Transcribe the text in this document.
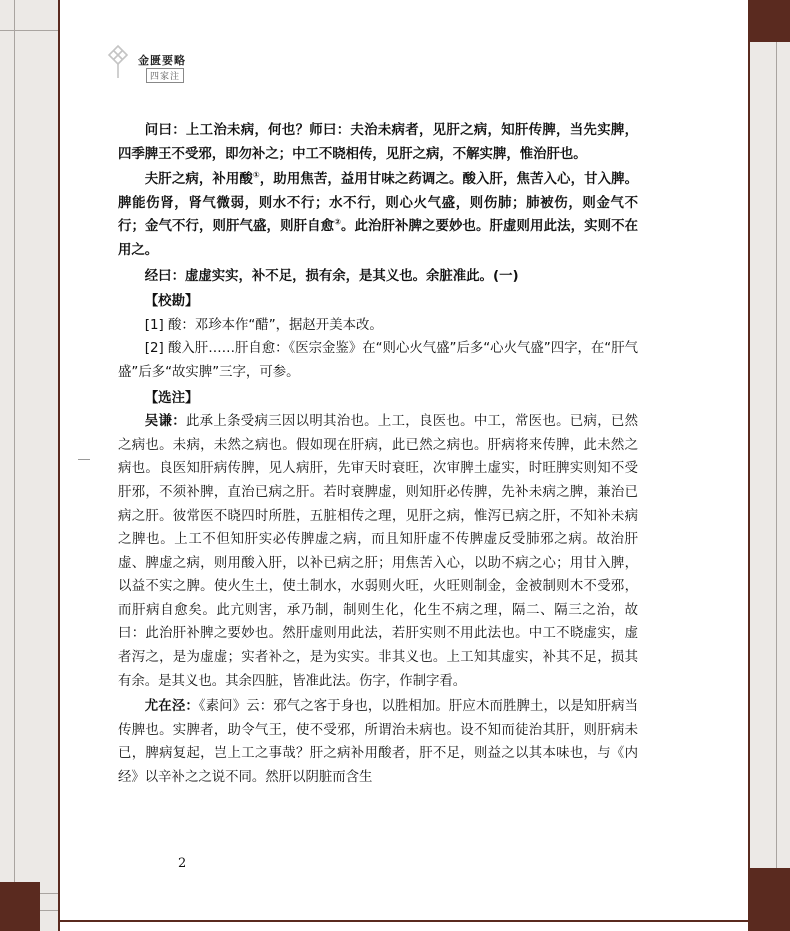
金匮要略
四家注

问曰：上工治未病，何也？师曰：夫治未病者，见肝之病，知肝传脾，当先实脾，四季脾王不受邪，即勿补之；中工不晓相传，见肝之病，不解实脾，惟治肝也。

夫肝之病，补用酸①，助用焦苦，益用甘味之药调之。酸入肝，焦苦入心，甘入脾。脾能伤肾，肾气微弱，则水不行；水不行，则心火气盛，则伤肺；肺被伤，则金气不行；金气不行，则肝气盛，则肝自愈②。此治肝补脾之要妙也。肝虚则用此法，实则不在用之。

经曰：虚虚实实，补不足，损有余，是其义也。余脏准此。(一)

【校勘】

[1] 酸：邓珍本作“醋”，据赵开美本改。

[2] 酸入肝……肝自愈：《医宗金鉴》在“则心火气盛”后多“心火气盛”四字，在“肝气盛”后多“故实脾”三字，可参。

【选注】

吴谦：此承上条受病三因以明其治也。上工，良医也。中工，常医也。已病，已然之病也。未病，未然之病也。假如现在肝病，此已然之病也。肝病将来传脾，此未然之病也。良医知肝病传脾，见人病肝，先审天时衰旺，次审脾土虚实，时旺脾实则知不受肝邪，不须补脾，直治已病之肝。若时衰脾虚，则知肝必传脾，先补未病之脾，兼治已病之肝。彼常医不晓四时所胜，五脏相传之理，见肝之病，惟泻已病之肝，不知补未病之脾也。上工不但知肝实必传脾虚之病，而且知肝虚不传脾虚反受肺邪之病。故治肝虚、脾虚之病，则用酸入肝，以补已病之肝；用焦苦入心，以助不病之心；用甘入脾，以益不实之脾。使火生土，使土制水，水弱则火旺，火旺则制金，金被制则木不受邪，而肝病自愈矣。此亢则害，承乃制，制则生化，化生不病之理，隔二、隔三之治，故曰：此治肝补脾之要妙也。然肝虚则用此法，若肝实则不用此法也。中工不晓虚实，虚者泻之，是为虚虚；实者补之，是为实实。非其义也。上工知其虚实，补其不足，损其有余。是其义也。其余四脏，皆准此法。伤字，作制字看。

尤在泾：《素问》云：邪气之客于身也，以胜相加。肝应木而胜脾土，以是知肝病当传脾也。实脾者，助令气王，使不受邪，所谓治未病也。设不知而徒治其肝，则肝病未已，脾病复起，岂上工之事哉？肝之病补用酸者，肝不足，则益之以其本味也，与《内经》以辛补之之说不同。然肝以阴脏而含生

2
